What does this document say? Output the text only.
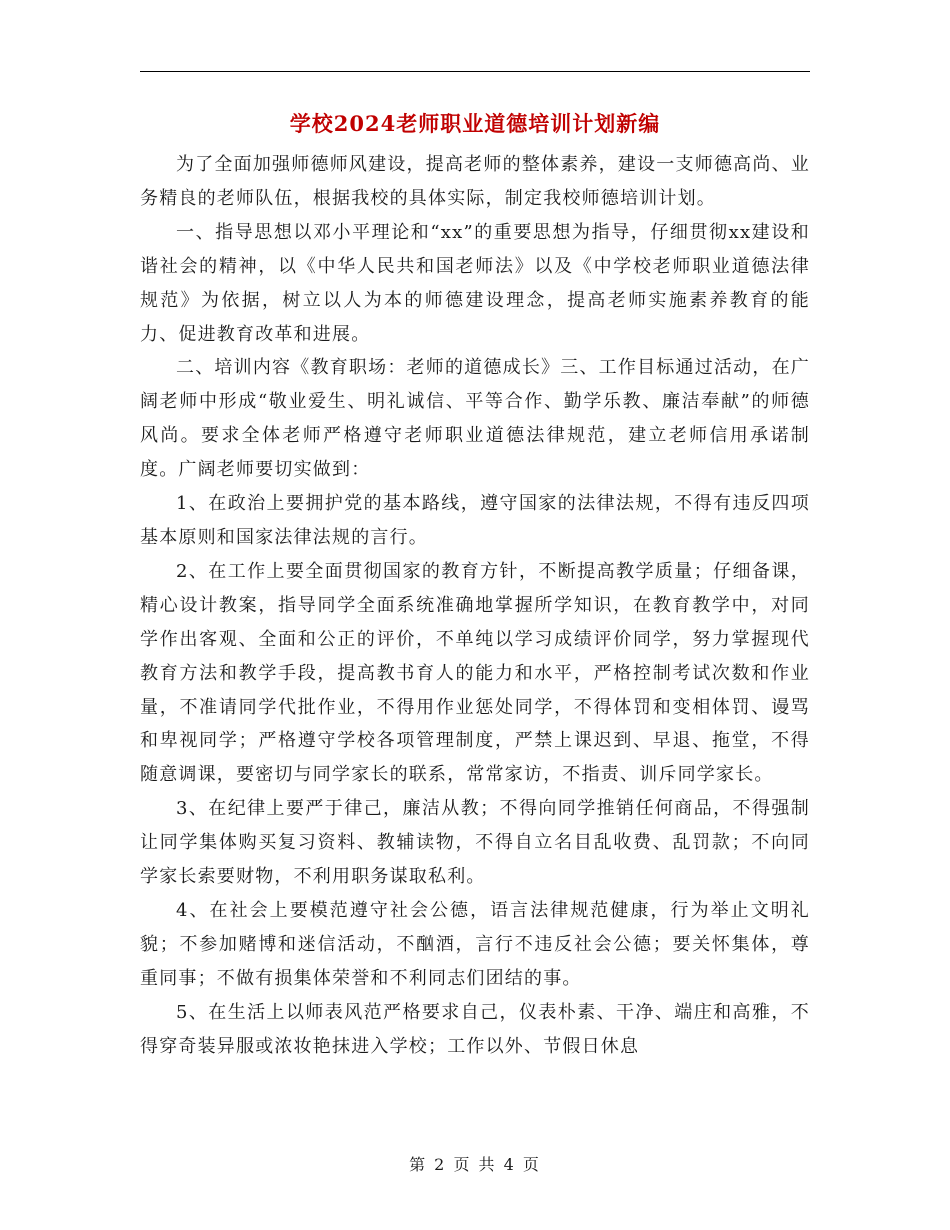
学校2024老师职业道德培训计划新编

为了全面加强师德师风建设，提高老师的整体素养，建设一支师德高尚、业务精良的老师队伍，根据我校的具体实际，制定我校师德培训计划。

一、指导思想以邓小平理论和“xx”的重要思想为指导，仔细贯彻xx建设和谐社会的精神，以《中华人民共和国老师法》以及《中学校老师职业道德法律规范》为依据，树立以人为本的师德建设理念，提高老师实施素养教育的能力、促进教育改革和进展。

二、培训内容《教育职场：老师的道德成长》三、工作目标通过活动，在广阔老师中形成“敬业爱生、明礼诚信、平等合作、勤学乐教、廉洁奉献”的师德风尚。要求全体老师严格遵守老师职业道德法律规范，建立老师信用承诺制度。广阔老师要切实做到：

1、在政治上要拥护党的基本路线，遵守国家的法律法规，不得有违反四项基本原则和国家法律法规的言行。

2、在工作上要全面贯彻国家的教育方针，不断提高教学质量；仔细备课，精心设计教案，指导同学全面系统准确地掌握所学知识，在教育教学中，对同学作出客观、全面和公正的评价，不单纯以学习成绩评价同学，努力掌握现代教育方法和教学手段，提高教书育人的能力和水平，严格控制考试次数和作业量，不准请同学代批作业，不得用作业惩处同学，不得体罚和变相体罚、谩骂和卑视同学；严格遵守学校各项管理制度，严禁上课迟到、早退、拖堂，不得随意调课，要密切与同学家长的联系，常常家访，不指责、训斥同学家长。

3、在纪律上要严于律己，廉洁从教；不得向同学推销任何商品，不得强制让同学集体购买复习资料、教辅读物，不得自立名目乱收费、乱罚款；不向同学家长索要财物，不利用职务谋取私利。

4、在社会上要模范遵守社会公德，语言法律规范健康，行为举止文明礼貌；不参加赌博和迷信活动，不酗酒，言行不违反社会公德；要关怀集体，尊重同事；不做有损集体荣誉和不利同志们团结的事。

5、在生活上以师表风范严格要求自己，仪表朴素、干净、端庄和高雅，不得穿奇装异服或浓妆艳抹进入学校；工作以外、节假日休息

第 2 页 共 4 页
